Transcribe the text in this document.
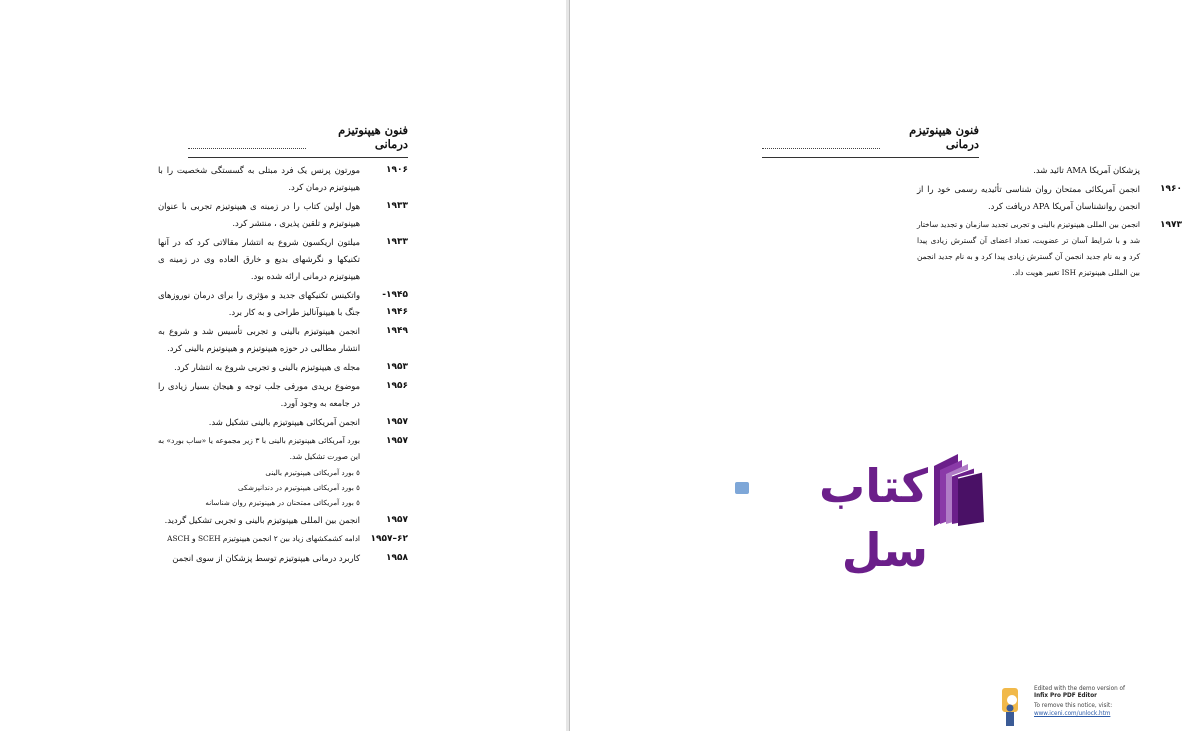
فنون هیپنوتیزم درمانی
۱۹۰۶
مورتون پرنس یک فرد مبتلی به گسستگی شخصیت را با هیپنوتیزم درمان کرد.
۱۹۳۳
هول اولین کتاب را در زمینه ی هیپنوتیزم تجربی با عنوان هیپنوتیزم و تلقین پذیری ، منتشر کرد.
۱۹۳۳
میلتون اریکسون شروع به انتشار مقالاتی کرد که در آنها تکنیکها و نگرشهای بدیع و خارق العاده وی در زمینه ی هیپنوتیزم درمانی ارائه شده بود.
۱۹۴۵- ۱۹۴۶
واتکینس تکنیکهای جدید و مؤثری را برای درمان نوروزهای جنگ با هیپنوآنالیز طراحی و به کار برد.
۱۹۴۹
انجمن هیپنوتیزم بالینی و تجربی تأسیس شد و شروع به انتشار مطالبی در حوزه هیپنوتیزم و هیپنوتیزم بالینی کرد.
۱۹۵۳
مجله ی هیپنوتیزم بالینی و تجربی شروع به انتشار کرد.
۱۹۵۶
موضوع بریدی مورفی جلب توجه و هیجان بسیار زیادی را در جامعه به وجود آورد.
۱۹۵۷
انجمن آمریکائی هیپنوتیزم بالینی تشکیل شد.
۱۹۵۷
بورد آمریکائی هیپنوتیزم بالینی با ۳ زیر مجموعه یا «ساب بورد» به این صورت تشکیل شد.
٥ بورد آمریکائی هیپنوتیزم بالینی
٥ بورد آمریکائی هیپنوتیزم در دندانپزشکی
٥ بورد آمریکائی ممتحنان در هیپنوتیزم روان شناسانه
۱۹۵۷
انجمن بین المللی هیپنوتیزم بالینی و تجربی تشکیل گردید.
۶۲–۱۹۵۷
ادامه کشمکشهای زیاد بین ۲ انجمن هیپنوتیزم SCEH و ASCH
۱۹۵۸
کاربرد درمانی هیپنوتیزم توسط پزشکان از سوی انجمن
فنون هیپنوتیزم درمانی
پزشکان آمریکا AMA تائید شد.
۱۹۶۰
انجمن آمریکائی ممتحان روان شناسی تأئیدیه رسمی خود را از انجمن روانشناسان آمریکا APA دریافت کرد.
۱۹۷۳
انجمن بین المللی هیپنوتیزم بالینی و تجربی تجدید سازمان و تجدید ساختار شد و با شرایط آسان تر عضویت، تعداد اعضای آن گسترش زیادی پیدا کرد و به نام جدید انجمن آن گسترش زیادی پیدا کرد و به نام جدید انجمن بین المللی هیپنوتیزم ISH تغییر هویت داد.
کتاب سل
Edited with the demo version of
Infix Pro PDF Editor
To remove this notice, visit:
www.iceni.com/unlock.htm
